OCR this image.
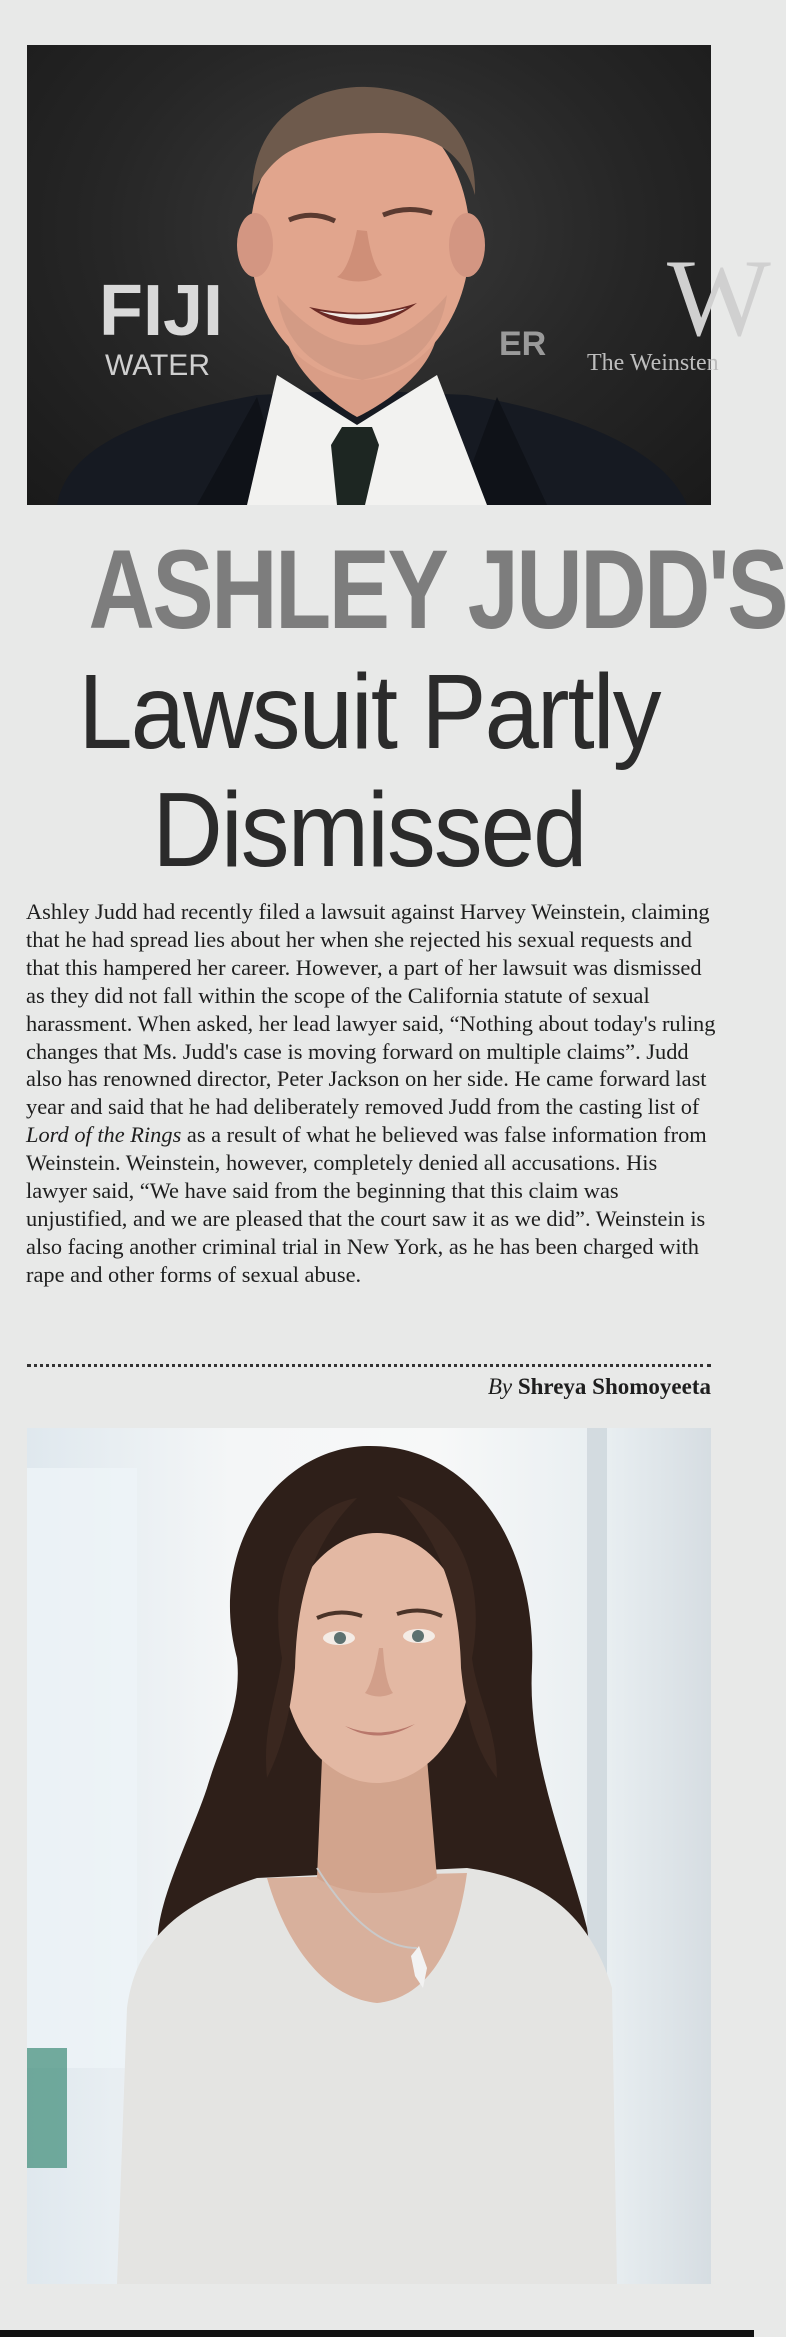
FIJI
WATER
W
The Weinsten
ER
ASHLEY JUDD'S
Lawsuit Partly Dismissed

Ashley Judd had recently filed a lawsuit against Harvey Weinstein, claiming that he had spread lies about her when she rejected his sexual requests and that this hampered her career. However, a part of her lawsuit was dismissed as they did not fall within the scope of the California statute of sexual harassment. When asked, her lead lawyer said, “Nothing about today's ruling changes that Ms. Judd's case is moving forward on multiple claims”. Judd also has renowned director, Peter Jackson on her side. He came forward last year and said that he had deliberately removed Judd from the casting list of Lord of the Rings as a result of what he believed was false information from Weinstein. Weinstein, however, completely denied all accusations. His lawyer said, “We have said from the beginning that this claim was unjustified, and we are pleased that the court saw it as we did”. Weinstein is also facing another criminal trial in New York, as he has been charged with rape and other forms of sexual abuse.

By Shreya Shomoyeeta
